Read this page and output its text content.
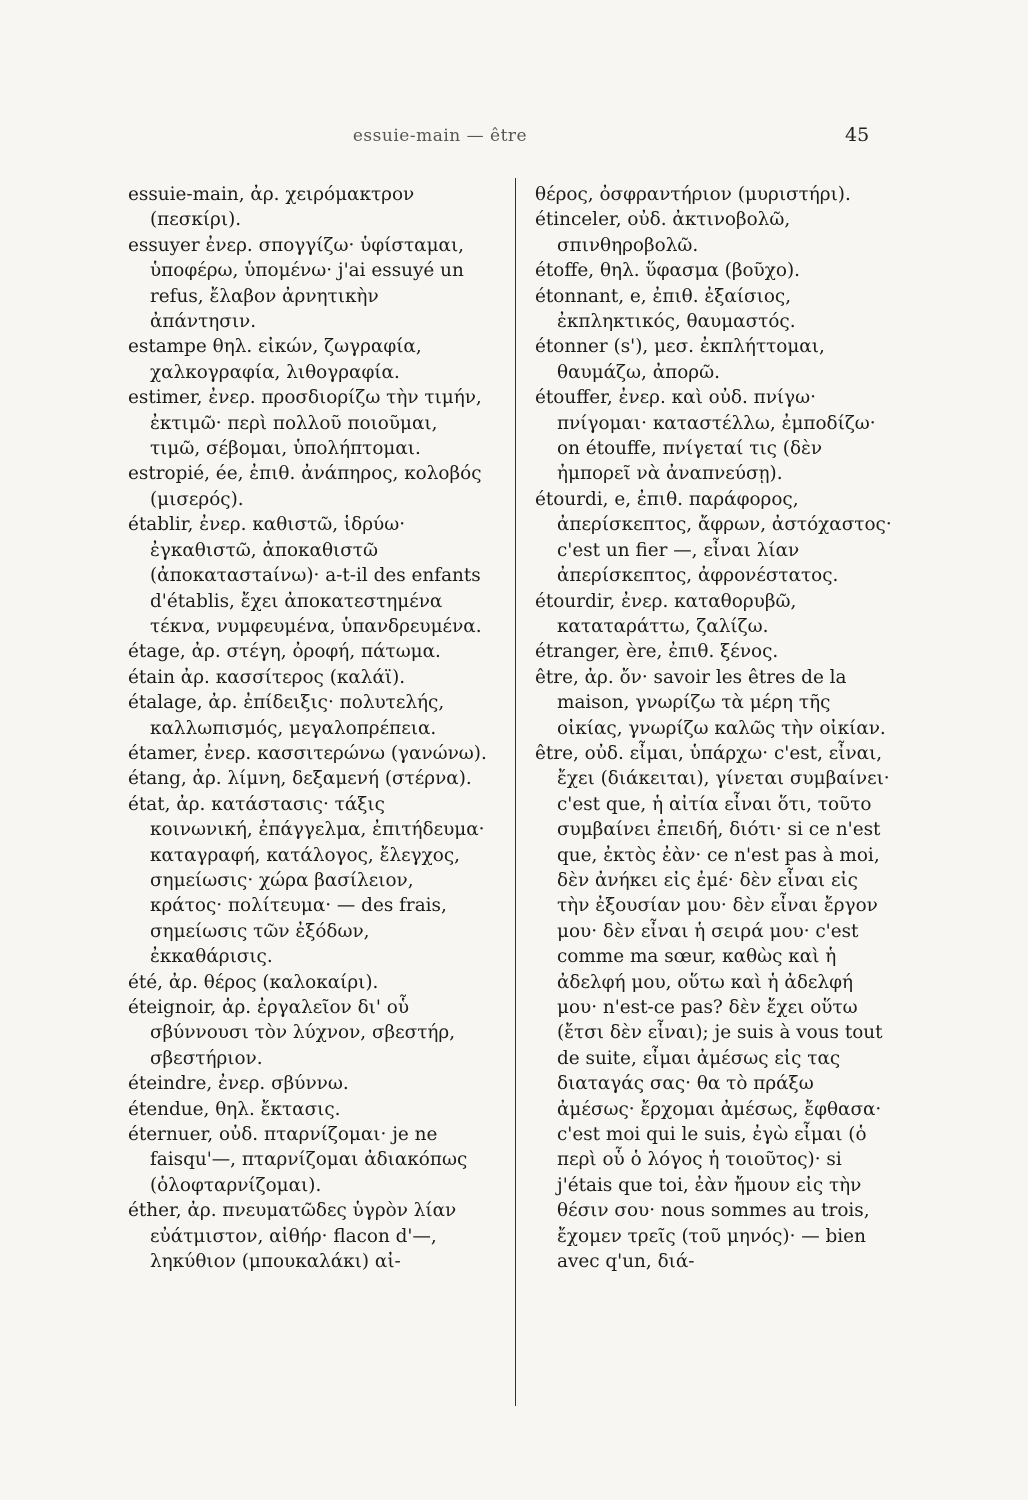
essuie-main — être	45

essuie-main, ἀρ. χειρόμακτρον (πεσκίρι).

essuyer ἐνερ. σπογγίζω· ὑφίσταμαι, ὑποφέρω, ὑπομένω· j'ai essuyé un refus, ἔλαβον ἀρνητικὴν ἀπάντησιν.

estampe θηλ. εἰκών, ζωγραφία, χαλκογραφία, λιθογραφία.

estimer, ἐνερ. προσδιορίζω τὴν τιμήν, ἐκτιμῶ· περὶ πολλοῦ ποιοῦμαι, τιμῶ, σέβομαι, ὑπολήπτομαι.

estropié, ée, ἐπιθ. ἀνάπηρος, κολοβός (μισερός).

établir, ἐνερ. καθιστῶ, ἱδρύω· ἐγκαθιστῶ, ἀποκαθιστῶ (ἀποκαταστaίνω)· a-t-il des enfants d'établis, ἔχει ἀποκατεστημένα τέκνα, νυμφευμένα, ὑπανδρευμένα.

étage, ἀρ. στέγη, ὀροφή, πάτωμα.

étain ἀρ. κασσίτερος (καλάϊ).

étalage, ἀρ. ἐπίδειξις· πολυτελής, καλλωπισμός, μεγαλοπρέπεια.

étamer, ἐνερ. κασσιτερώνω (γανώνω).

étang, ἀρ. λίμνη, δεξαμενή (στέρνα).

état, ἀρ. κατάστασις· τάξις κοινωνική, ἐπάγγελμα, ἐπιτήδευμα· καταγραφή, κατάλογος, ἔλεγχος, σημείωσις· χώρα βασίλειον, κράτος· πολίτευμα· — des frais, σημείωσις τῶν ἐξόδων, ἐκκαθάρισις.

été, ἀρ. θέρος (καλοκαίρι).

éteignoir, ἀρ. ἐργαλεῖον δι' οὗ σβύννουσι τὸν λύχνον, σβεστήρ, σβεστήριον.

éteindre, ἐνερ. σβύννω.

étendue, θηλ. ἔκτασις.

éternuer, οὐδ. πταρνίζομαι· je ne faisqu'—, πταρνίζομαι ἀδιακόπως (ὁλοφταρνίζομαι).

éther, ἀρ. πνευματῶδες ὑγρὸν λίαν εὐάτμιστον, αἰθήρ· flacon d'—, ληκύθιον (μπουκαλάκι) αἰ-

θέρος, ὀσφραντήριον (μυριστήρι).

étinceler, οὐδ. ἀκτινοβολῶ, σπινθηροβολῶ.

étoffe, θηλ. ὕφασμα (βοῦχο).

étonnant, e, ἐπιθ. ἐξαίσιος, ἐκπληκτικός, θαυμαστός.

étonner (s'), μεσ. ἐκπλήττομαι, θαυμάζω, ἀπορῶ.

étouffer, ἐνερ. καὶ οὐδ. πνίγω· πνίγομαι· καταστέλλω, ἐμποδίζω· on étouffe, πνίγεταί τις (δὲν ἠμπορεῖ νὰ ἀναπνεύσῃ).

étourdi, e, ἐπιθ. παράφορος, ἀπερίσκεπτος, ἄφρων, ἀστόχαστος· c'est un fier —, εἶναι λίαν ἀπερίσκεπτος, ἀφρονέστατος.

étourdir, ἐνερ. καταθορυβῶ, καταταράττω, ζαλίζω.

étranger, ère, ἐπιθ. ξένος.

être, ἀρ. ὄν· savoir les êtres de la maison, γνωρίζω τὰ μέρη τῆς οἰκίας, γνωρίζω καλῶς τὴν οἰκίαν.

être, οὐδ. εἶμαι, ὑπάρχω· c'est, εἶναι, ἔχει (διάκειται), γίνεται συμβαίνει· c'est que, ἡ αἰτία εἶναι ὅτι, τοῦτο συμβαίνει ἐπειδή, διότι· si ce n'est que, ἐκτὸς ἐὰν· ce n'est pas à moi, δὲν ἀνήκει εἰς ἐμέ· δὲν εἶναι εἰς τὴν ἐξουσίαν μου· δὲν εἶναι ἔργον μου· δὲν εἶναι ἡ σειρά μου· c'est comme ma sœur, καθὼς καὶ ἡ ἀδελφή μου, οὕτω καὶ ἡ ἀδελφή μου· n'est-ce pas? δὲν ἔχει οὕτω (ἔτσι δὲν εἶναι); je suis à vous tout de suite, εἶμαι ἀμέσως εἰς τας διαταγάς σας· θα τὸ πράξω ἀμέσως· ἔρχομαι ἀμέσως, ἔφθασα· c'est moi qui le suis, ἐγὼ εἶμαι (ὁ περὶ οὗ ὁ λόγος ἡ τοιοῦτος)· si j'étais que toi, ἐὰν ἤμουν εἰς τὴν θέσιν σου· nous sommes au trois, ἔχομεν τρεῖς (τοῦ μηνός)· — bien avec q'un, διά-
